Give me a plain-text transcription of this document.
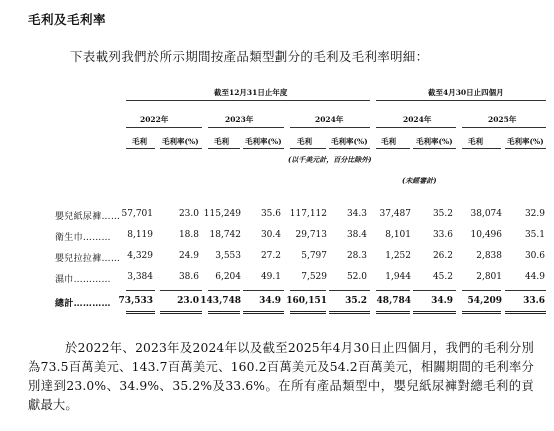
毛利及毛利率
下表載列我們於所示期間按產品類型劃分的毛利及毛利率明細：
截至12月31日止年度	截至4月30日止四個月
2022年	2023年	2024年	2024年	2025年
毛利 毛利率(%) 毛利 毛利率(%) 毛利	毛利率(%) 毛利	毛利率(%) 毛利	毛利率(%)
(以千美元計，百分比除外)
(未經審計)
嬰兒紙尿褲…… 57,701	23.0 115,249	35.6 117,112	34.3	37,487	35.2	38,074	32.9
衛生巾………	8,119	18.8	18,742	30.4	29,713	38.4	8,101	33.6	10,496	35.1
嬰兒拉拉褲…… 4,329	24.9	3,553	27.2	5,797	28.3	1,252	26.2	2,838	30.6
濕巾…………	3,384	38.6	6,204	49.1	7,529	52.0	1,944	45.2	2,801	44.9
總計………… 73,533	23.0 143,748	34.9 160,151	35.2	48,784	34.9	54,209	33.6
於2022年、2023年及2024年以及截至2025年4月30日止四個月，我們的毛利分別為73.5百萬美元、143.7百萬美元、160.2百萬美元及54.2百萬美元，相關期間的毛利率分別達到23.0%、34.9%、35.2%及33.6%。在所有產品類型中，嬰兒紙尿褲對總毛利的貢獻最大。
